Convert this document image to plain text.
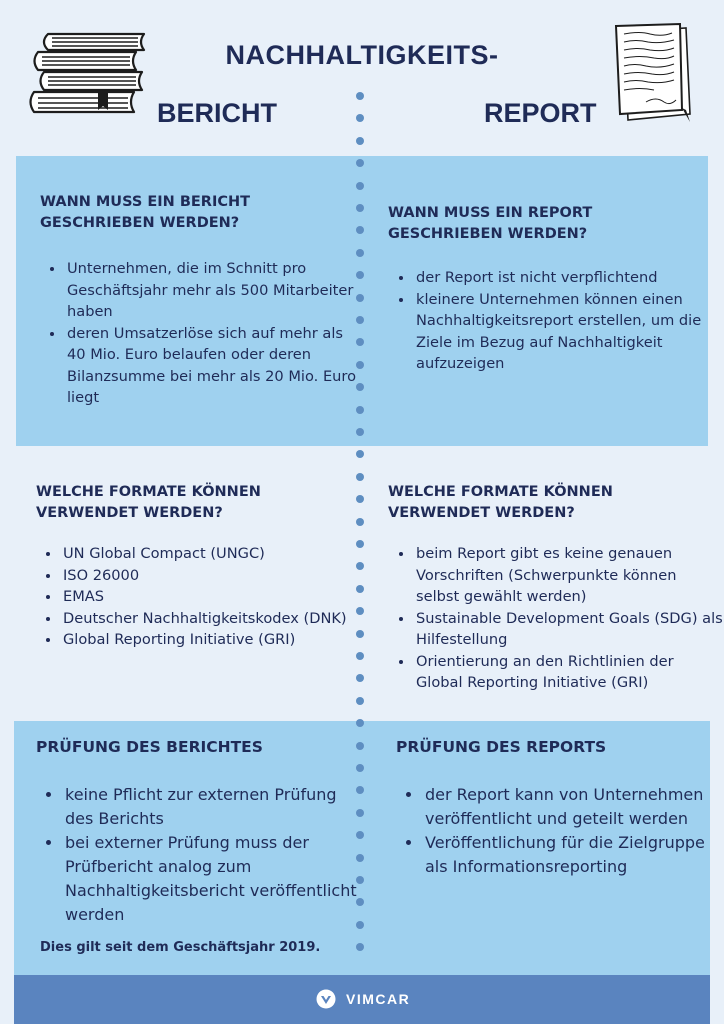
NACHHALTIGKEITS-
BERICHT	REPORT
WANN MUSS EIN BERICHT GESCHRIEBEN WERDEN?
• Unternehmen, die im Schnitt pro Geschäftsjahr mehr als 500 Mitarbeiter haben
• deren Umsatzerlöse sich auf mehr als 40 Mio. Euro belaufen oder deren Bilanzsumme bei mehr als 20 Mio. Euro liegt
WANN MUSS EIN REPORT GESCHRIEBEN WERDEN?
• der Report ist nicht verpflichtend
• kleinere Unternehmen können einen Nachhaltigkeitsreport erstellen, um die Ziele im Bezug auf Nachhaltigkeit aufzuzeigen
WELCHE FORMATE KÖNNEN VERWENDET WERDEN?
• UN Global Compact (UNGC)
• ISO 26000
• EMAS
• Deutscher Nachhaltigkeitskodex (DNK)
• Global Reporting Initiative (GRI)
WELCHE FORMATE KÖNNEN VERWENDET WERDEN?
• beim Report gibt es keine genauen Vorschriften (Schwerpunkte können selbst gewählt werden)
• Sustainable Development Goals (SDG) als Hilfestellung
• Orientierung an den Richtlinien der Global Reporting Initiative (GRI)
PRÜFUNG DES BERICHTES
• keine Pflicht zur externen Prüfung des Berichts
• bei externer Prüfung muss der Prüfbericht analog zum Nachhaltigkeitsbericht veröffentlicht werden
Dies gilt seit dem Geschäftsjahr 2019.
PRÜFUNG DES REPORTS
• der Report kann von Unternehmen veröffentlicht und geteilt werden
• Veröffentlichung für die Zielgruppe als Informationsreporting
VIMCAR
